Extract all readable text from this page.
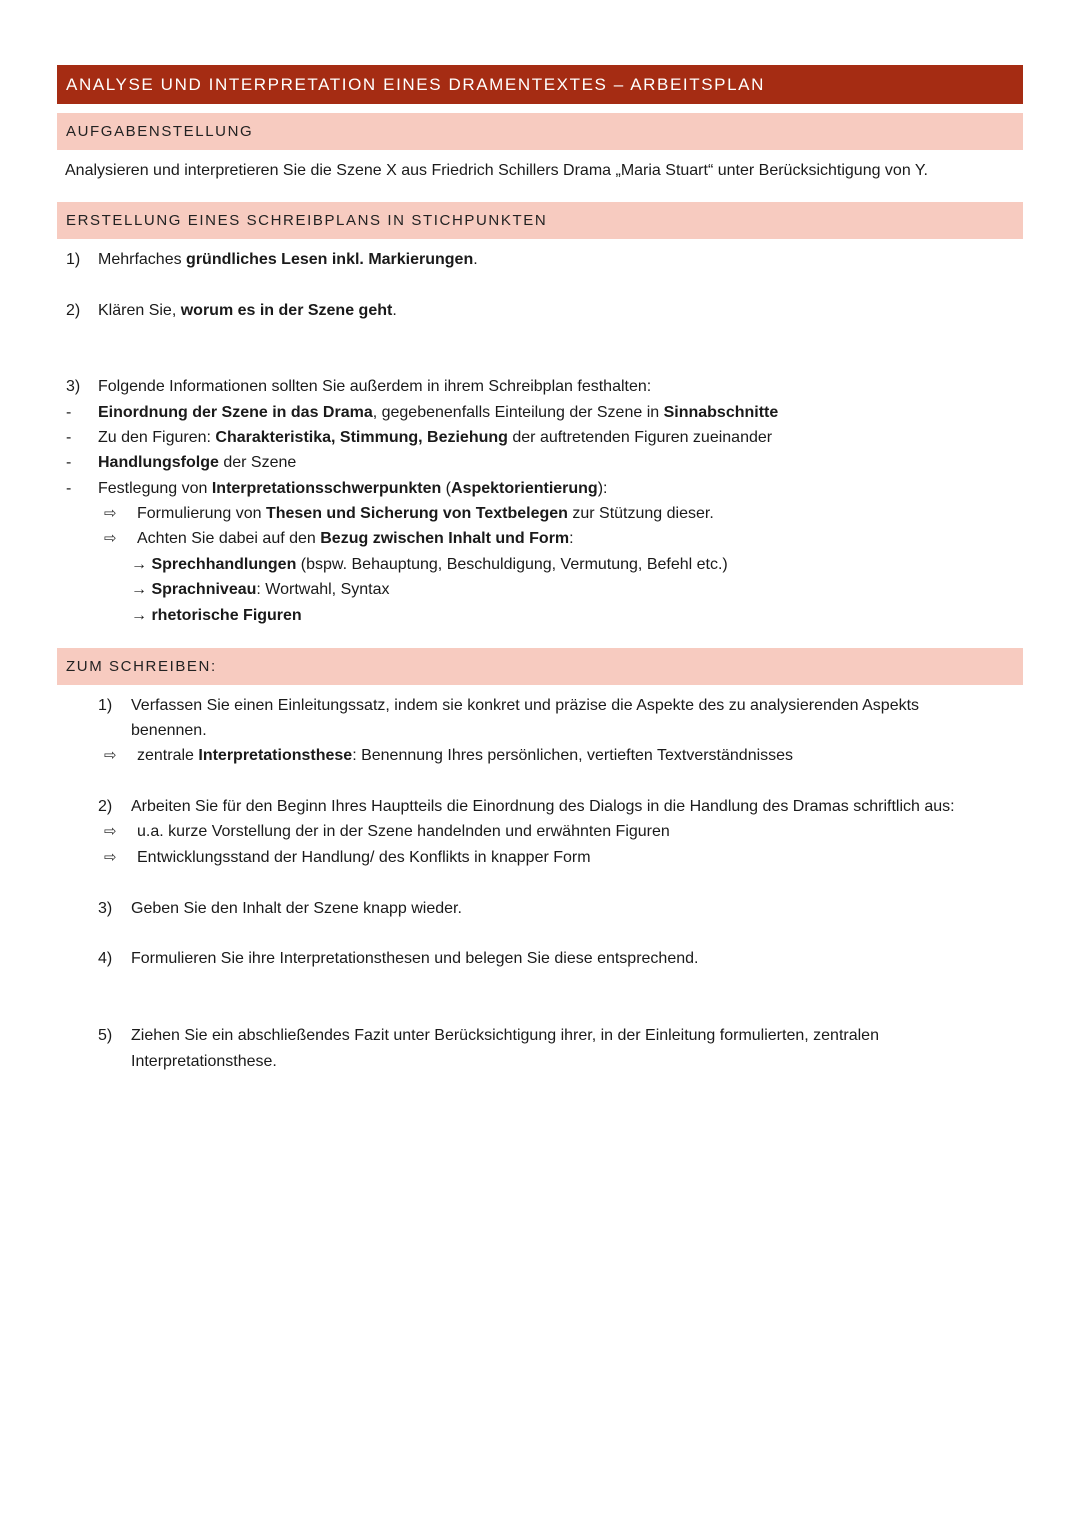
ANALYSE UND INTERPRETATION EINES DRAMENTEXTES – ARBEITSPLAN
AUFGABENSTELLUNG
Analysieren und interpretieren Sie die Szene X aus Friedrich Schillers Drama „Maria Stuart“ unter Berücksichtigung von Y.
ERSTELLUNG EINES SCHREIBPLANS IN STICHPUNKTEN
1) Mehrfaches gründliches Lesen inkl. Markierungen.
2) Klären Sie, worum es in der Szene geht.
3) Folgende Informationen sollten Sie außerdem in ihrem Schreibplan festhalten:
- Einordnung der Szene in das Drama, gegebenenfalls Einteilung der Szene in Sinnabschnitte
- Zu den Figuren: Charakteristika, Stimmung, Beziehung der auftretenden Figuren zueinander
- Handlungsfolge der Szene
- Festlegung von Interpretationsschwerpunkten (Aspektorientierung):
⇨ Formulierung von Thesen und Sicherung von Textbelegen zur Stützung dieser.
⇨ Achten Sie dabei auf den Bezug zwischen Inhalt und Form:
→ Sprechhandlungen (bspw. Behauptung, Beschuldigung, Vermutung, Befehl etc.)
→ Sprachniveau: Wortwahl, Syntax
→ rhetorische Figuren
ZUM SCHREIBEN:
1) Verfassen Sie einen Einleitungssatz, indem sie konkret und präzise die Aspekte des zu analysierenden Aspekts
benennen.
⇨ zentrale Interpretationsthese: Benennung Ihres persönlichen, vertieften Textverständnisses
2) Arbeiten Sie für den Beginn Ihres Hauptteils die Einordnung des Dialogs in die Handlung des Dramas schriftlich aus:
⇨ u.a. kurze Vorstellung der in der Szene handelnden und erwähnten Figuren
⇨ Entwicklungsstand der Handlung/ des Konflikts in knapper Form
3) Geben Sie den Inhalt der Szene knapp wieder.
4) Formulieren Sie ihre Interpretationsthesen und belegen Sie diese entsprechend.
5) Ziehen Sie ein abschließendes Fazit unter Berücksichtigung ihrer, in der Einleitung formulierten, zentralen
Interpretationsthese.
